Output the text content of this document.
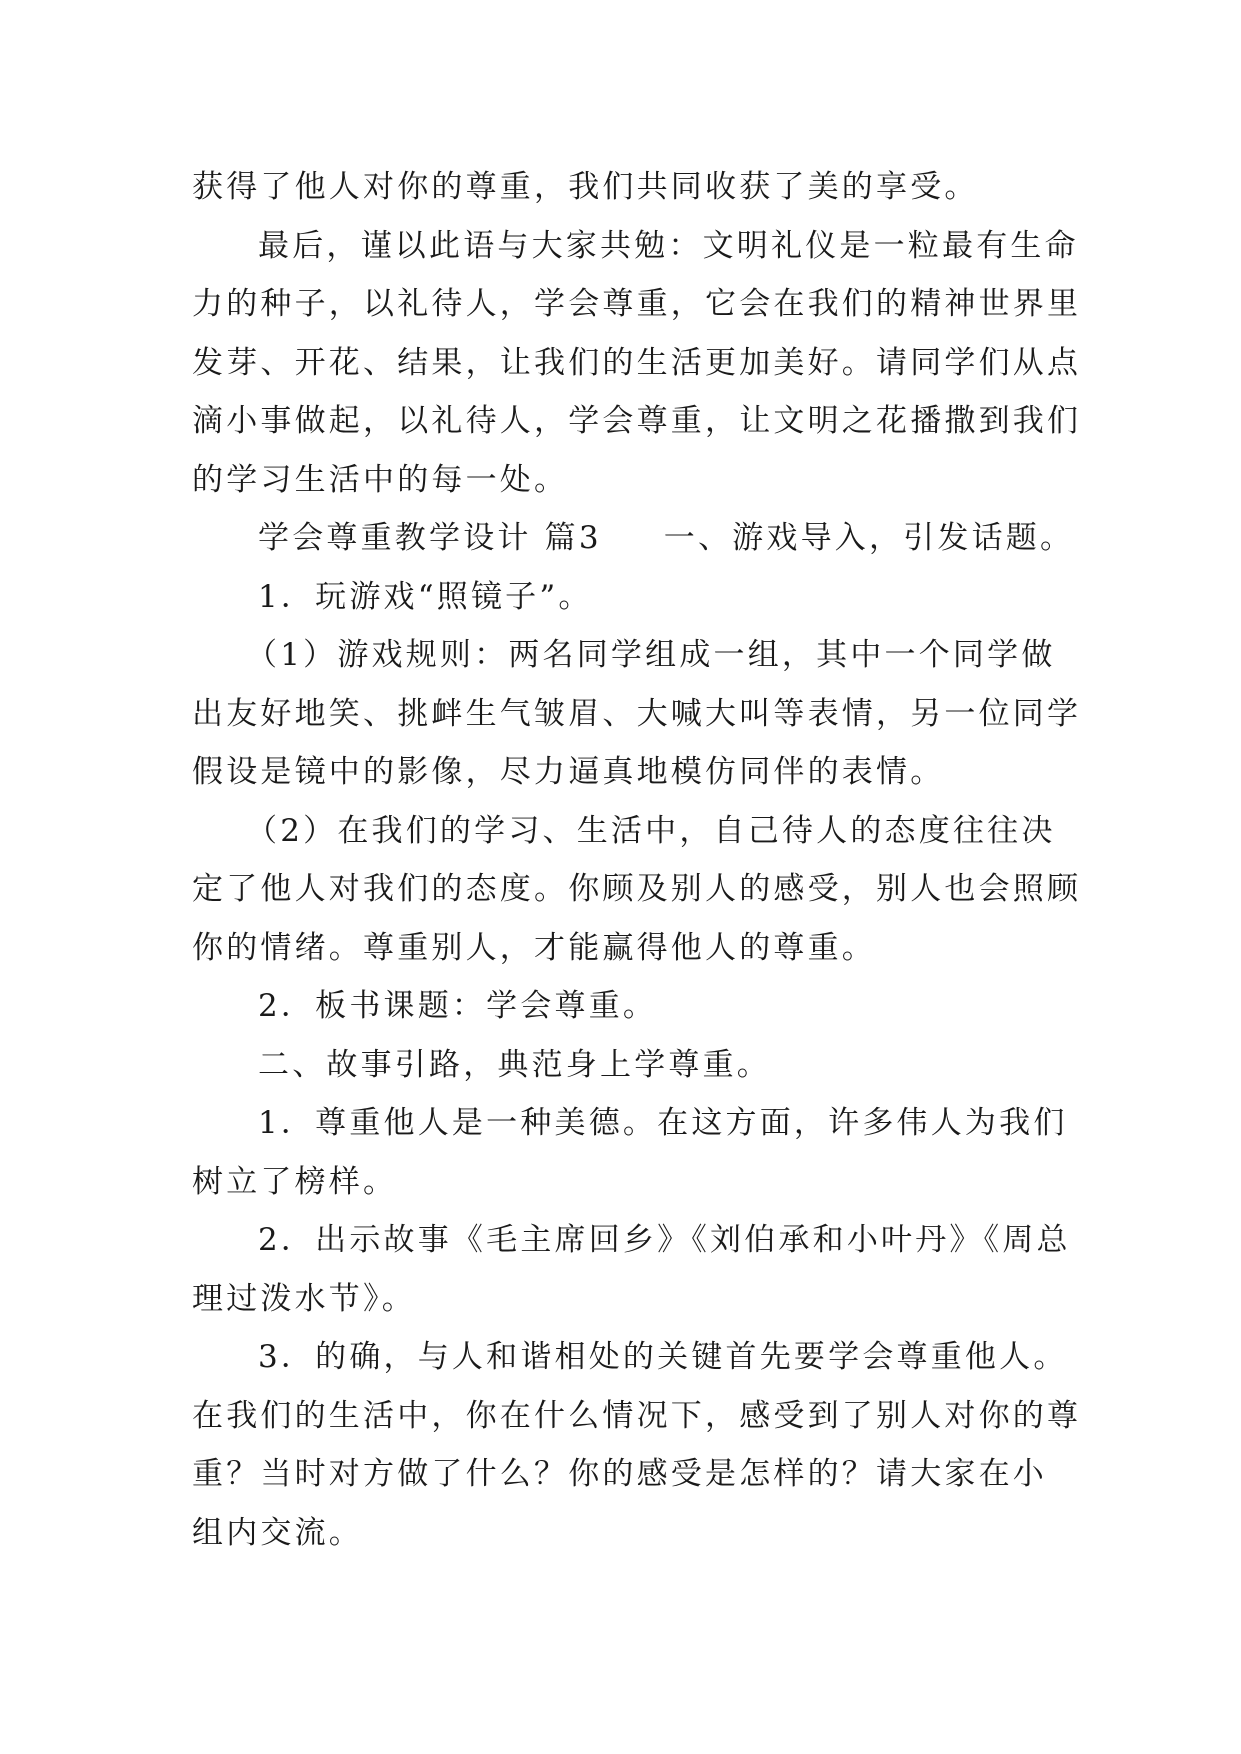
获得了他人对你的尊重，我们共同收获了美的享受。

最后，谨以此语与大家共勉：文明礼仪是一粒最有生命

力的种子，以礼待人，学会尊重，它会在我们的精神世界里

发芽、开花、结果，让我们的生活更加美好。请同学们从点

滴小事做起，以礼待人，学会尊重，让文明之花播撒到我们

的学习生活中的每一处。

学会尊重教学设计 篇3 一、游戏导入，引发话题。

1．玩游戏“照镜子”。

（1）游戏规则：两名同学组成一组，其中一个同学做

出友好地笑、挑衅生气皱眉、大喊大叫等表情，另一位同学

假设是镜中的影像，尽力逼真地模仿同伴的表情。

（2）在我们的学习、生活中，自己待人的态度往往决

定了他人对我们的态度。你顾及别人的感受，别人也会照顾

你的情绪。尊重别人，才能赢得他人的尊重。

2．板书课题：学会尊重。

二、故事引路，典范身上学尊重。

1．尊重他人是一种美德。在这方面，许多伟人为我们

树立了榜样。

2．出示故事《毛主席回乡》《刘伯承和小叶丹》《周总

理过泼水节》。

3．的确，与人和谐相处的关键首先要学会尊重他人。

在我们的生活中，你在什么情况下，感受到了别人对你的尊

重？当时对方做了什么？你的感受是怎样的？请大家在小

组内交流。
